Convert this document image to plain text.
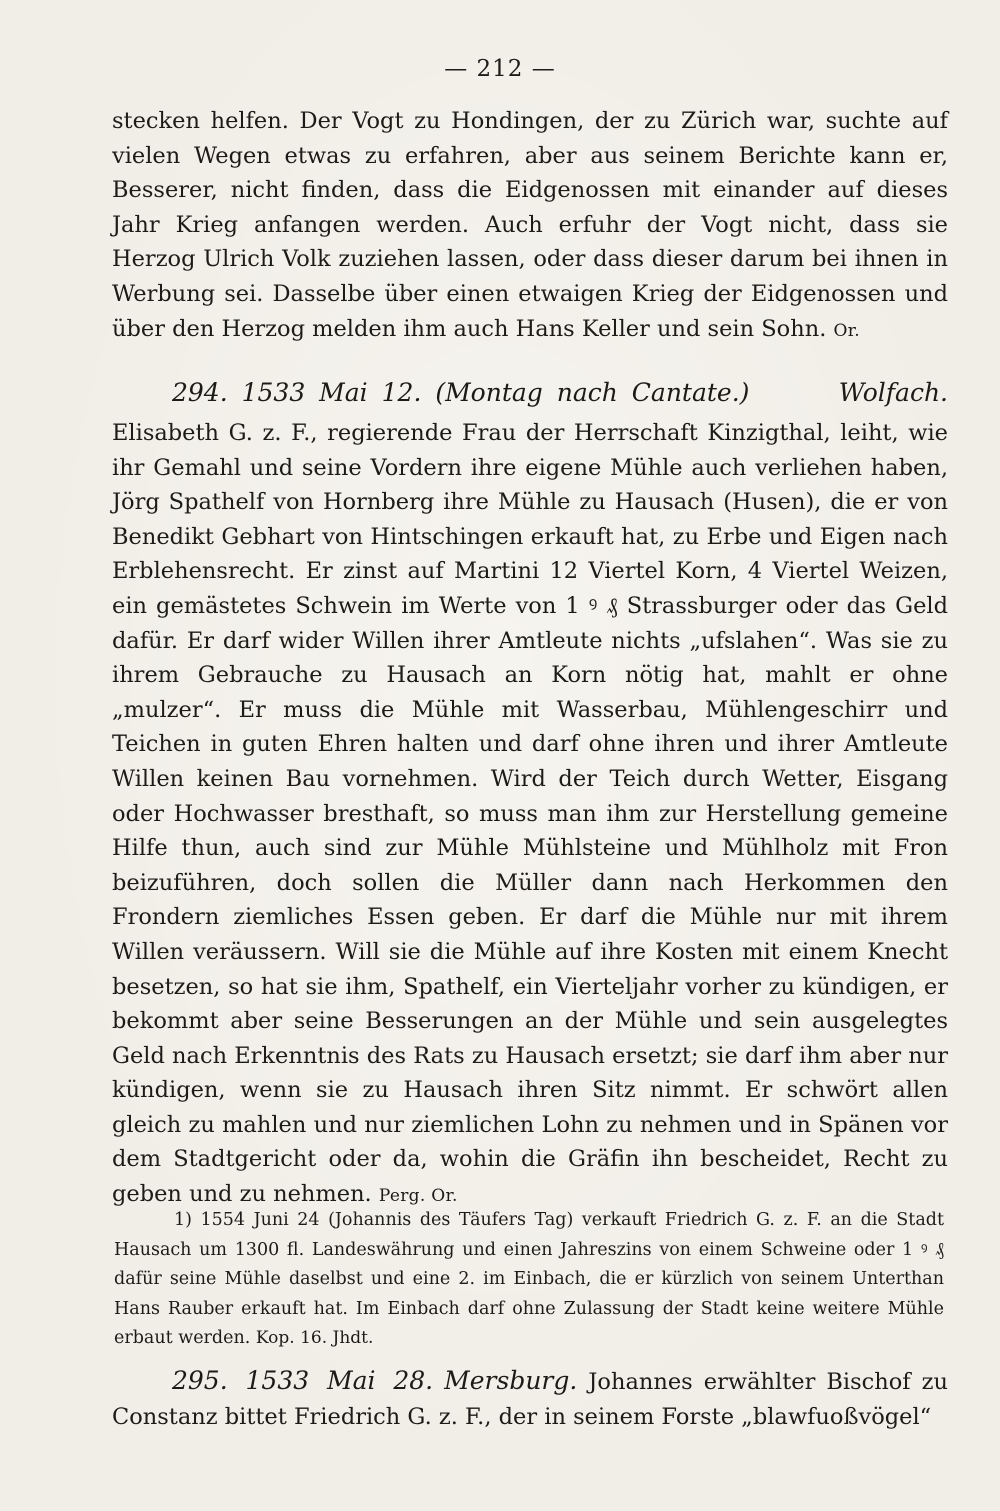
— 212 —
stecken helfen. Der Vogt zu Hondingen, der zu Zürich war, suchte auf vielen Wegen etwas zu erfahren, aber aus seinem Berichte kann er, Besserer, nicht finden, dass die Eidgenossen mit einander auf dieses Jahr Krieg anfangen werden. Auch erfuhr der Vogt nicht, dass sie Herzog Ulrich Volk zuziehen lassen, oder dass dieser darum bei ihnen in Werbung sei. Dasselbe über einen etwaigen Krieg der Eidgenossen und über den Herzog melden ihm auch Hans Keller und sein Sohn. Or.
294. 1533 Mai 12. (Montag nach Cantate.)	Wolfach.
Elisabeth G. z. F., regierende Frau der Herrschaft Kinzigthal, leiht, wie ihr Gemahl und seine Vordern ihre eigene Mühle auch verliehen haben, Jörg Spathelf von Hornberg ihre Mühle zu Hausach (Husen), die er von Benedikt Gebhart von Hintschingen erkauft hat, zu Erbe und Eigen nach Erblehensrecht. Er zinst auf Martini 12 Viertel Korn, 4 Viertel Weizen, ein gemästetes Schwein im Werte von 1 ꝰ ₰ Strassburger oder das Geld dafür. Er darf wider Willen ihrer Amtleute nichts „ufslahen“. Was sie zu ihrem Gebrauche zu Hausach an Korn nötig hat, mahlt er ohne „mulzer“. Er muss die Mühle mit Wasserbau, Mühlengeschirr und Teichen in guten Ehren halten und darf ohne ihren und ihrer Amtleute Willen keinen Bau vornehmen. Wird der Teich durch Wetter, Eisgang oder Hochwasser bresthaft, so muss man ihm zur Herstellung gemeine Hilfe thun, auch sind zur Mühle Mühlsteine und Mühlholz mit Fron beizuführen, doch sollen die Müller dann nach Herkommen den Frondern ziemliches Essen geben. Er darf die Mühle nur mit ihrem Willen veräussern. Will sie die Mühle auf ihre Kosten mit einem Knecht besetzen, so hat sie ihm, Spathelf, ein Vierteljahr vorher zu kündigen, er bekommt aber seine Besserungen an der Mühle und sein ausgelegtes Geld nach Erkenntnis des Rats zu Hausach ersetzt; sie darf ihm aber nur kündigen, wenn sie zu Hausach ihren Sitz nimmt. Er schwört allen gleich zu mahlen und nur ziemlichen Lohn zu nehmen und in Spänen vor dem Stadtgericht oder da, wohin die Gräfin ihn bescheidet, Recht zu geben und zu nehmen. Perg. Or.
1) 1554 Juni 24 (Johannis des Täufers Tag) verkauft Friedrich G. z. F. an die Stadt Hausach um 1300 fl. Landeswährung und einen Jahreszins von einem Schweine oder 1 ꝰ ₰ dafür seine Mühle daselbst und eine 2. im Einbach, die er kürzlich von seinem Unterthan Hans Rauber erkauft hat. Im Einbach darf ohne Zulassung der Stadt keine weitere Mühle erbaut werden. Kop. 16. Jhdt.
295. 1533 Mai 28. Mersburg. Johannes erwählter Bischof zu Constanz bittet Friedrich G. z. F., der in seinem Forste „blawfuoßvögel“
